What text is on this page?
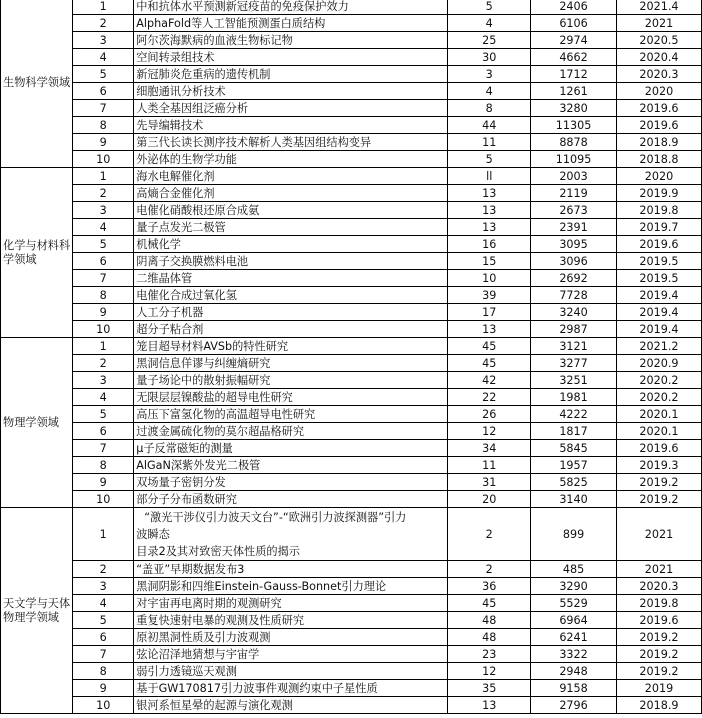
生物科学领域	1	中和抗体水平预测新冠疫苗的免疫保护效力	5	2406	2021.4
	2	AlphaFold等人工智能预测蛋白质结构	4	6106	2021
	3	阿尔茨海默病的血液生物标记物	25	2974	2020.5
	4	空间转录组技术	30	4662	2020.4
	5	新冠肺炎危重病的遗传机制	3	1712	2020.3
	6	细胞通讯分析技术	4	1261	2020
	7	人类全基因组泛癌分析	8	3280	2019.6
	8	先导编辑技术	44	11305	2019.6
	9	第三代长读长测序技术解析人类基因组结构变异	11	8878	2018.9
	10	外泌体的生物学功能	5	11095	2018.8
化学与材料科学领域	1	海水电解催化剂	ll	2003	2020
	2	高熵合金催化剂	13	2119	2019.9
	3	电催化硝酸根还原合成氨	13	2673	2019.8
	4	量子点发光二极管	13	2391	2019.7
	5	机械化学	16	3095	2019.6
	6	阴离子交换膜燃料电池	15	3096	2019.5
	7	二维晶体管	10	2692	2019.5
	8	电催化合成过氧化氢	39	7728	2019.4
	9	人工分子机器	17	3240	2019.4
	10	超分子粘合剂	13	2987	2019.4
物理学领域	1	笼目超导材料AVSb的特性研究	45	3121	2021.2
	2	黑洞信息佯谬与纠缠熵研究	45	3277	2020.9
	3	量子场论中的散射振幅研究	42	3251	2020.2
	4	无限层层镍酸盐的超导电性研究	22	1981	2020.2
	5	高压下富氢化物的高温超导电性研究	26	4222	2020.1
	6	过渡金属硫化物的莫尔超晶格研究	12	1817	2020.1
	7	μ子反常磁矩的测量	34	5845	2019.6
	8	AlGaN深紫外发光二极管	11	1957	2019.3
	9	双场量子密钥分发	31	5825	2019.2
	10	部分子分布函数研究	20	3140	2019.2
天文学与天体物理学领域	1	“激光干涉仪引力波天文台”-“欧洲引力波探测器”引力
波瞬态
目录2及其对致密天体性质的揭示	2	899	2021
	2	“盖亚”早期数据发布3	2	485	2021
	3	黑洞阴影和四维Einstein-Gauss-Bonnet引力理论	36	3290	2020.3
	4	对宇宙再电离时期的观测研究	45	5529	2019.8
	5	重复快速射电暴的观测及性质研究	48	6964	2019.6
	6	原初黑洞性质及引力波观测	48	6241	2019.2
	7	弦论沼泽地猜想与宇宙学	23	3322	2019.2
	8	弱引力透镜巡天观测	12	2948	2019.2
	9	基于GW170817引力波事件观测约束中子星性质	35	9158	2019
	10	银河系恒星晕的起源与演化观测	13	2796	2018.9
